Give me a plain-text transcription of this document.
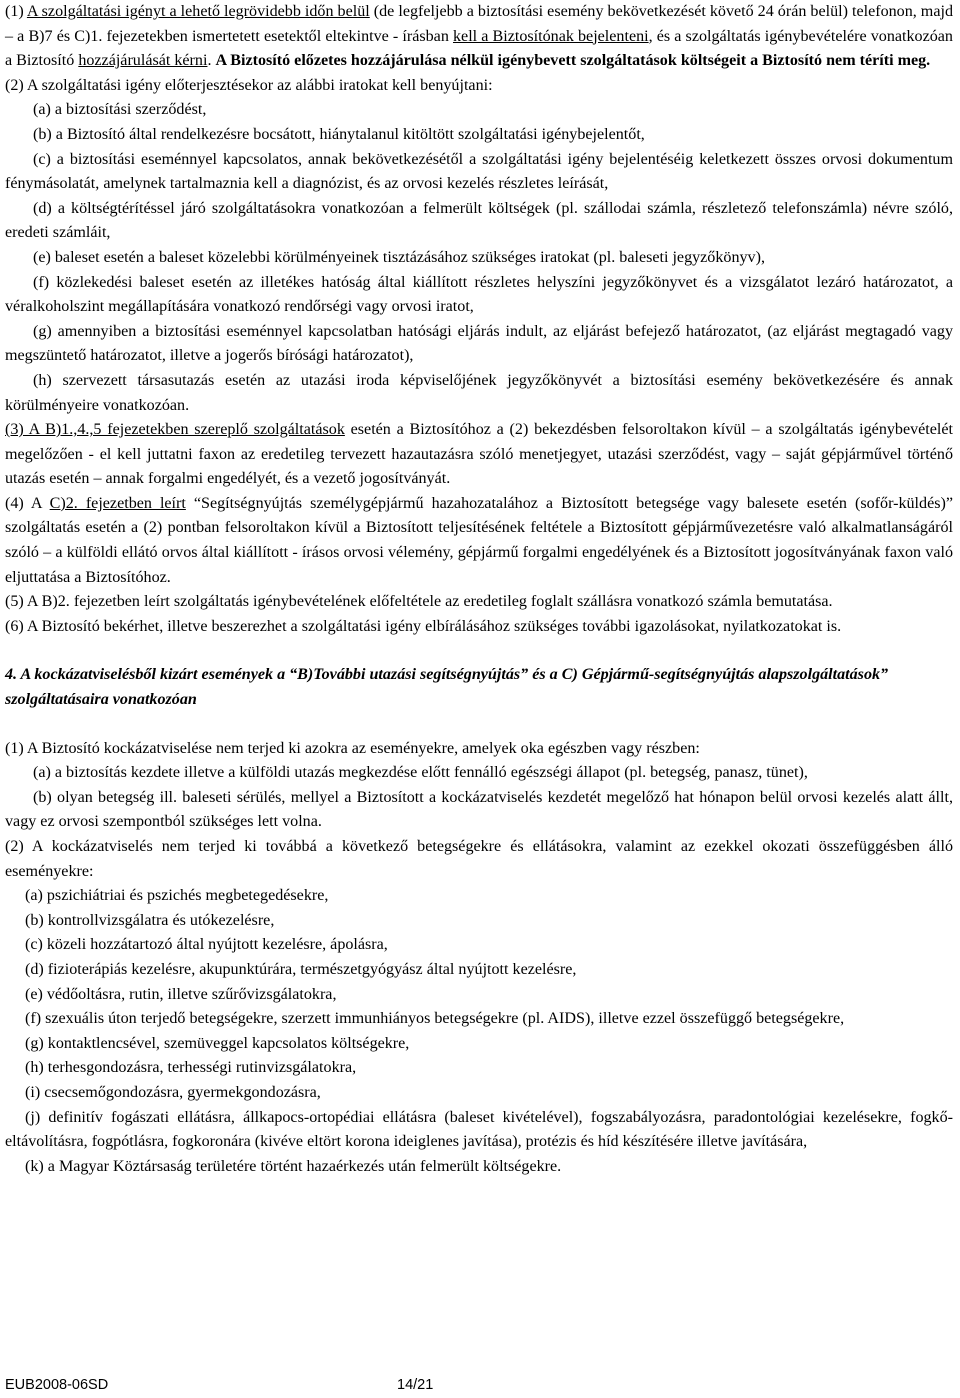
(1) A szolgáltatási igényt a lehető legrövidebb időn belül (de legfeljebb a biztosítási esemény bekövetkezését követő 24 órán belül) telefonon, majd – a B)7 és C)1. fejezetekben ismertetett esetektől eltekintve - írásban kell a Biztosítónak bejelenteni, és a szolgáltatás igénybevételére vonatkozóan a Biztosító hozzájárulását kérni. A Biztosító előzetes hozzájárulása nélkül igénybevett szolgáltatások költségeit a Biztosító nem téríti meg.

(2) A szolgáltatási igény előterjesztésekor az alábbi iratokat kell benyújtani:

(a) a biztosítási szerződést,

(b) a Biztosító által rendelkezésre bocsátott, hiánytalanul kitöltött szolgáltatási igénybejelentőt,

(c) a biztosítási eseménnyel kapcsolatos, annak bekövetkezésétől a szolgáltatási igény bejelentéséig keletkezett összes orvosi dokumentum fénymásolatát, amelynek tartalmaznia kell a diagnózist, és az orvosi kezelés részletes leírását,

(d) a költségtérítéssel járó szolgáltatásokra vonatkozóan a felmerült költségek (pl. szállodai számla, részletező telefonszámla) névre szóló, eredeti számláit,

(e) baleset esetén a baleset közelebbi körülményeinek tisztázásához szükséges iratokat (pl. baleseti jegyzőkönyv),

(f) közlekedési baleset esetén az illetékes hatóság által kiállított részletes helyszíni jegyzőkönyvet és a vizsgálatot lezáró határozatot, a véralkoholszint megállapítására vonatkozó rendőrségi vagy orvosi iratot,

(g) amennyiben a biztosítási eseménnyel kapcsolatban hatósági eljárás indult, az eljárást befejező határozatot, (az eljárást megtagadó vagy megszüntető határozatot, illetve a jogerős bírósági határozatot),

(h) szervezett társasutazás esetén az utazási iroda képviselőjének jegyzőkönyvét a biztosítási esemény bekövetkezésére és annak körülményeire vonatkozóan.

(3) A B)1.,4.,5 fejezetekben szereplő szolgáltatások esetén a Biztosítóhoz a (2) bekezdésben felsoroltakon kívül – a szolgáltatás igénybevételét megelőzően - el kell juttatni faxon az eredetileg tervezett hazautazásra szóló menetjegyet, utazási szerződést, vagy – saját gépjárművel történő utazás esetén – annak forgalmi engedélyét, és a vezető jogosítványát.

(4) A C)2. fejezetben leírt “Segítségnyújtás személygépjármű hazahozatalához a Biztosított betegsége vagy balesete esetén (sofőr-küldés)” szolgáltatás esetén a (2) pontban felsoroltakon kívül a Biztosított teljesítésének feltétele a Biztosított gépjárművezetésre való alkalmatlanságáról szóló – a külföldi ellátó orvos által kiállított - írásos orvosi vélemény, gépjármű forgalmi engedélyének és a Biztosított jogosítványának faxon való eljuttatása a Biztosítóhoz.

(5) A B)2. fejezetben leírt szolgáltatás igénybevételének előfeltétele az eredetileg foglalt szállásra vonatkozó számla bemutatása.

(6) A Biztosító bekérhet, illetve beszerezhet a szolgáltatási igény elbírálásához szükséges további igazolásokat, nyilatkozatokat is.

4. A kockázatviselésből kizárt események a “B)További utazási segítségnyújtás” és a C) Gépjármű-segítségnyújtás alapszolgáltatások” szolgáltatásaira vonatkozóan

(1) A Biztosító kockázatviselése nem terjed ki azokra az eseményekre, amelyek oka egészben vagy részben:

(a) a biztosítás kezdete illetve a külföldi utazás megkezdése előtt fennálló egészségi állapot (pl. betegség, panasz, tünet),

(b) olyan betegség ill. baleseti sérülés, mellyel a Biztosított a kockázatviselés kezdetét megelőző hat hónapon belül orvosi kezelés alatt állt, vagy ez orvosi szempontból szükséges lett volna.

(2) A kockázatviselés nem terjed ki továbbá a következő betegségekre és ellátásokra, valamint az ezekkel okozati összefüggésben álló eseményekre:

(a) pszichiátriai és pszichés megbetegedésekre,

(b) kontrollvizsgálatra és utókezelésre,

(c) közeli hozzátartozó által nyújtott kezelésre, ápolásra,

(d) fizioterápiás kezelésre, akupunktúrára, természetgyógyász által nyújtott kezelésre,

(e) védőoltásra, rutin, illetve szűrővizsgálatokra,

(f) szexuális úton terjedő betegségekre, szerzett immunhiányos betegségekre (pl. AIDS), illetve ezzel összefüggő betegségekre,

(g) kontaktlencsével, szemüveggel kapcsolatos költségekre,

(h) terhesgondozásra, terhességi rutinvizsgálatokra,

(i) csecsemőgondozásra, gyermekgondozásra,

(j) definitív fogászati ellátásra, állkapocs-ortopédiai ellátásra (baleset kivételével), fogszabályozásra, paradontológiai kezelésekre, fogkő-eltávolításra, fogpótlásra, fogkoronára (kivéve eltört korona ideiglenes javítása), protézis és híd készítésére illetve javítására,

(k) a Magyar Köztársaság területére történt hazaérkezés után felmerült költségekre.

EUB2008-06SD	14/21
